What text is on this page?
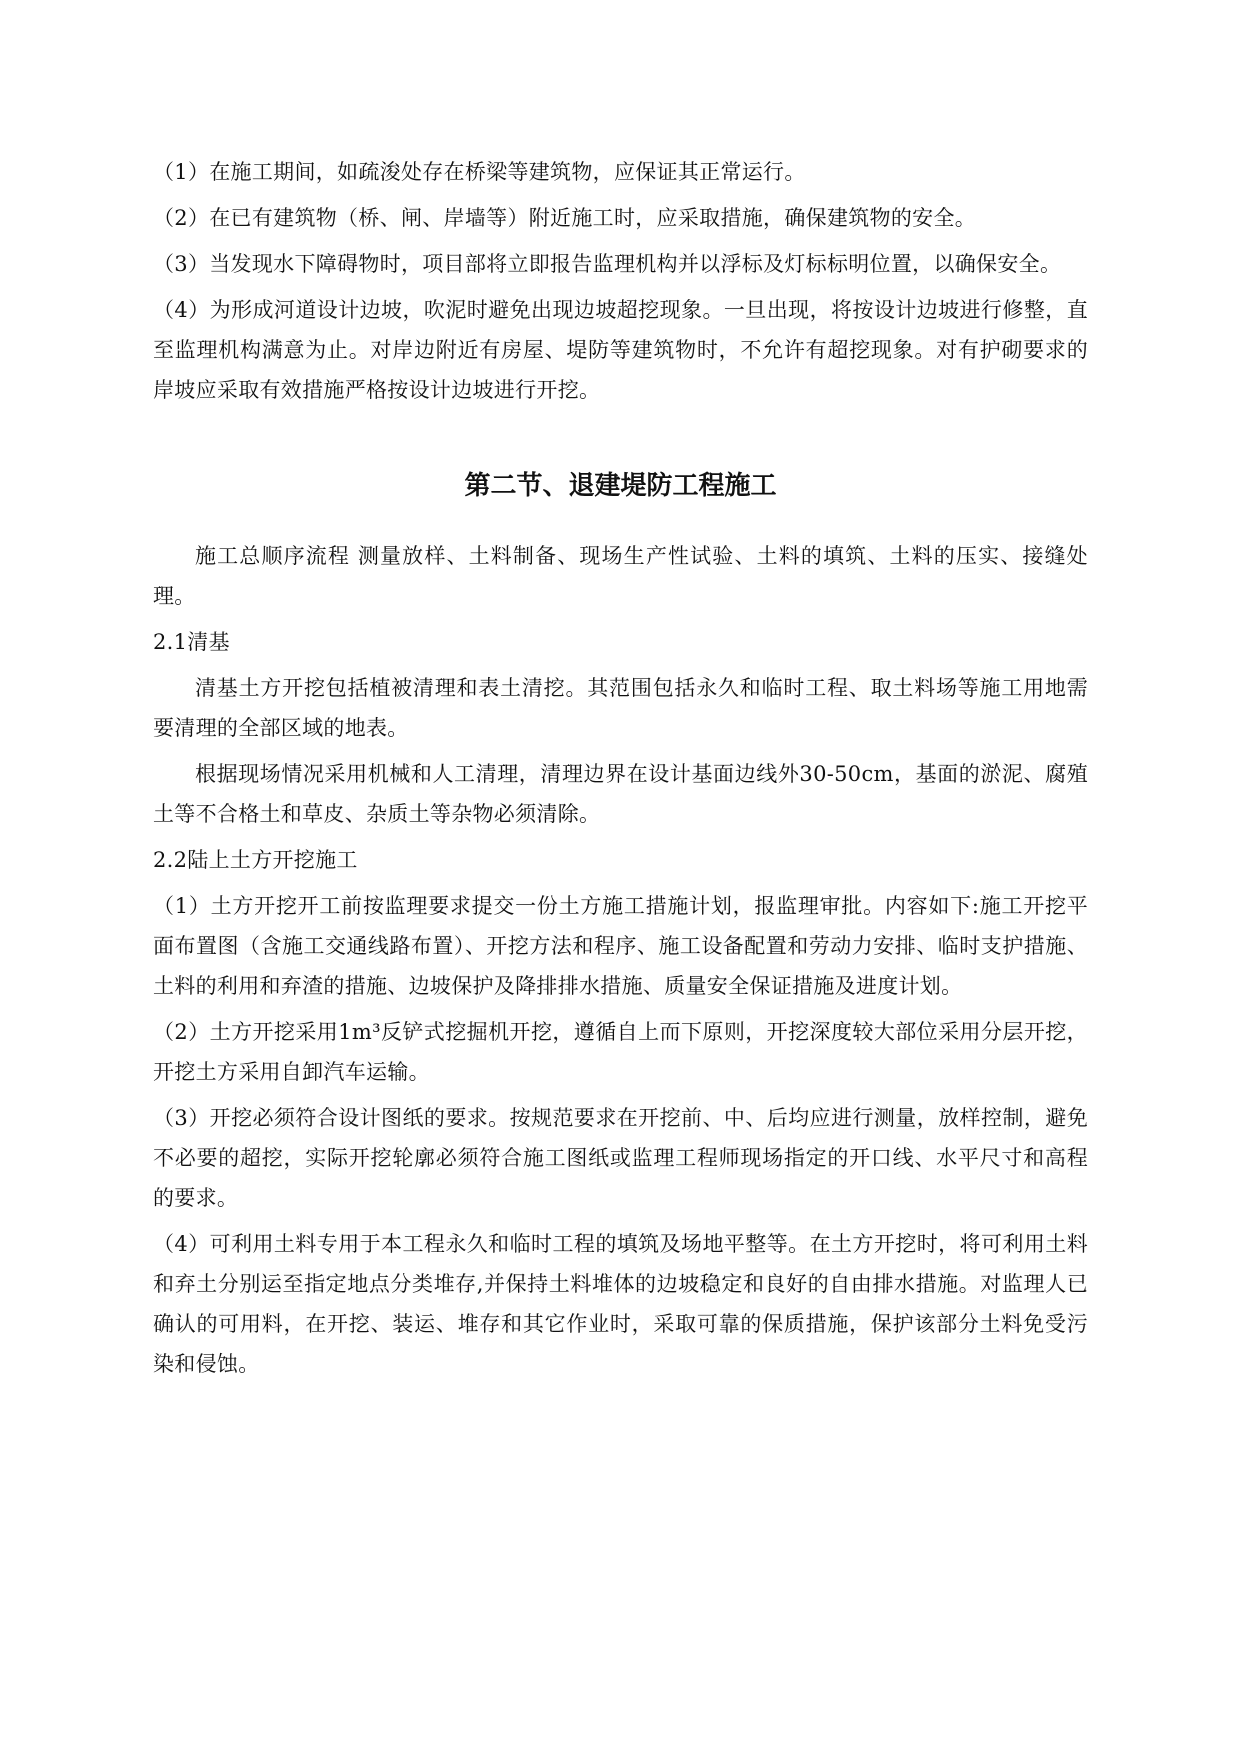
（1）在施工期间，如疏浚处存在桥梁等建筑物，应保证其正常运行。

（2）在已有建筑物（桥、闸、岸墙等）附近施工时，应采取措施，确保建筑物的安全。

（3）当发现水下障碍物时，项目部将立即报告监理机构并以浮标及灯标标明位置，以确保安全。

（4）为形成河道设计边坡，吹泥时避免出现边坡超挖现象。一旦出现，将按设计边坡进行修整，直至监理机构满意为止。对岸边附近有房屋、堤防等建筑物时，不允许有超挖现象。对有护砌要求的岸坡应采取有效措施严格按设计边坡进行开挖。

第二节、退建堤防工程施工

施工总顺序流程 测量放样、土料制备、现场生产性试验、土料的填筑、土料的压实、接缝处理。

2.1清基

清基土方开挖包括植被清理和表土清挖。其范围包括永久和临时工程、取土料场等施工用地需要清理的全部区域的地表。

根据现场情况采用机械和人工清理，清理边界在设计基面边线外30-50cm，基面的淤泥、腐殖土等不合格土和草皮、杂质土等杂物必须清除。

2.2陆上土方开挖施工

（1）土方开挖开工前按监理要求提交一份土方施工措施计划，报监理审批。内容如下:施工开挖平面布置图（含施工交通线路布置）、开挖方法和程序、施工设备配置和劳动力安排、临时支护措施、土料的利用和弃渣的措施、边坡保护及降排排水措施、质量安全保证措施及进度计划。

（2）土方开挖采用1m³反铲式挖掘机开挖，遵循自上而下原则，开挖深度较大部位采用分层开挖，开挖土方采用自卸汽车运输。

（3）开挖必须符合设计图纸的要求。按规范要求在开挖前、中、后均应进行测量，放样控制，避免不必要的超挖，实际开挖轮廓必须符合施工图纸或监理工程师现场指定的开口线、水平尺寸和高程的要求。

（4）可利用土料专用于本工程永久和临时工程的填筑及场地平整等。在土方开挖时，将可利用土料和弃土分别运至指定地点分类堆存,并保持土料堆体的边坡稳定和良好的自由排水措施。对监理人已确认的可用料，在开挖、装运、堆存和其它作业时，采取可靠的保质措施，保护该部分土料免受污染和侵蚀。
